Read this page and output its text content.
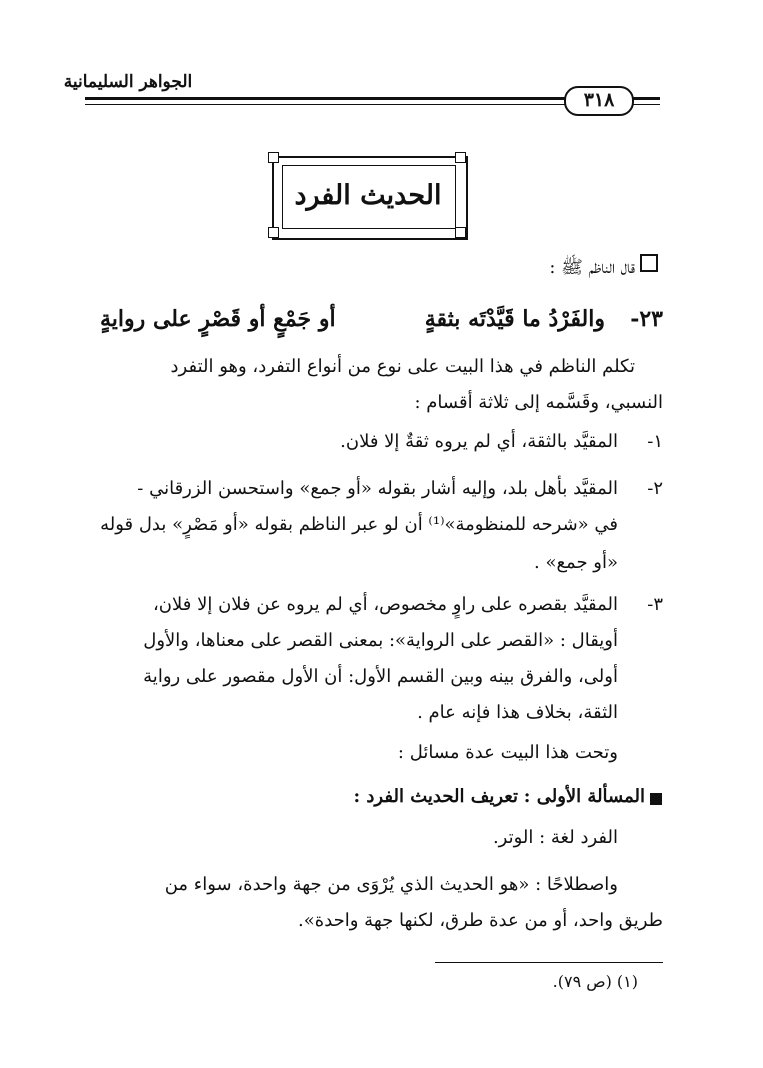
الجواهر السليمانية
٣١٨
الحديث الفرد
قال الناظم ﷺ :
٢٣-
والفَرْدُ ما قَيَّدْتَه بثقةٍ
أو جَمْعٍ أو قَصْرٍ على روايةٍ
تكلم الناظم في هذا البيت على نوع من أنواع التفرد، وهو التفرد
النسبي، وقَسَّمه إلى ثلاثة أقسام :
١-
المقيَّد بالثقة، أي لم يروه ثقةٌ إلا فلان.
٢-
المقيَّد بأهل بلد، وإليه أشار بقوله «أو جمع» واستحسن الزرقاني -
في «شرحه للمنظومة»⁽¹⁾ أن لو عبر الناظم بقوله «أو مَصْرٍ» بدل قوله
«أو جمع» .
٣-
المقيَّد بقصره على راوٍ مخصوص، أي لم يروه عن فلان إلا فلان،
أويقال : «القصر على الرواية»: بمعنى القصر على معناها، والأول
أولى، والفرق بينه وبين القسم الأول: أن الأول مقصور على رواية
الثقة، بخلاف هذا فإنه عام .
وتحت هذا البيت عدة مسائل :
المسألة الأولى :
تعريف الحديث الفرد :
الفرد لغة : الوتر.
واصطلاحًا : «هو الحديث الذي يُرْوَى من جهة واحدة، سواء من
طريق واحد، أو من عدة طرق، لكنها جهة واحدة».
(١) (ص ٧٩).
